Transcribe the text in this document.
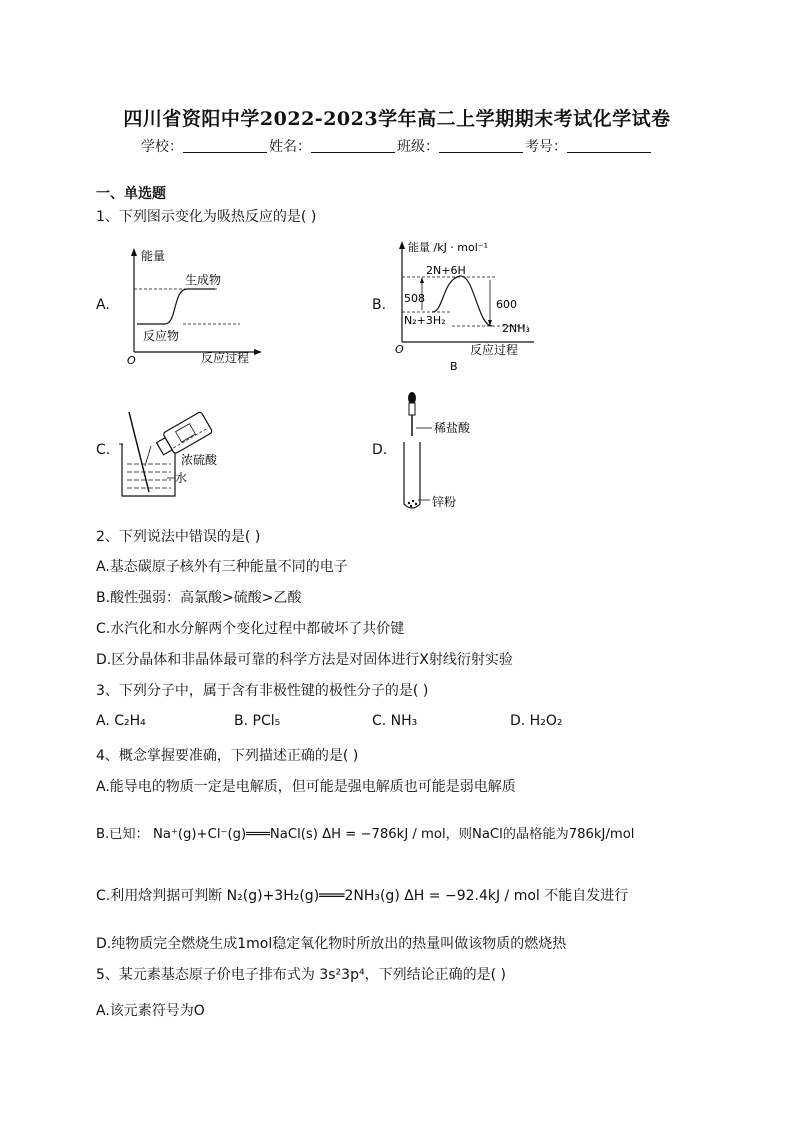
四川省资阳中学2022-2023学年高二上学期期末考试化学试卷
学校：	姓名：	班级：	考号：
一、单选题
1、下列图示变化为吸热反应的是( )
A.
能量
O	反应过程
生成物
反应物
B.
能量 /kJ · mol⁻¹
O	反应过程
2N+6H
508	600
N₂+3H₂
2NH₃
B
C.
浓硫酸
水
D.
稀盐酸
锌粉
2、下列说法中错误的是( )
A.基态碳原子核外有三种能量不同的电子
B.酸性强弱：高氯酸>硫酸>乙酸
C.水汽化和水分解两个变化过程中都破坏了共价键
D.区分晶体和非晶体最可靠的科学方法是对固体进行X射线衍射实验
3、下列分子中，属于含有非极性键的极性分子的是( )
A. C₂H₄	B. PCl₅	C. NH₃	D. H₂O₂
4、概念掌握要准确，下列描述正确的是( )
A.能导电的物质一定是电解质，但可能是强电解质也可能是弱电解质
B.已知： Na⁺(g)+Cl⁻(g)═══NaCl(s) ΔH = −786kJ / mol，则NaCl的晶格能为786kJ/mol
C.利用焓判据可判断 N₂(g)+3H₂(g)═══2NH₃(g) ΔH = −92.4kJ / mol 不能自发进行
D.纯物质完全燃烧生成1mol稳定氧化物时所放出的热量叫做该物质的燃烧热
5、某元素基态原子价电子排布式为 3s²3p⁴，下列结论正确的是( )
A.该元素符号为O
